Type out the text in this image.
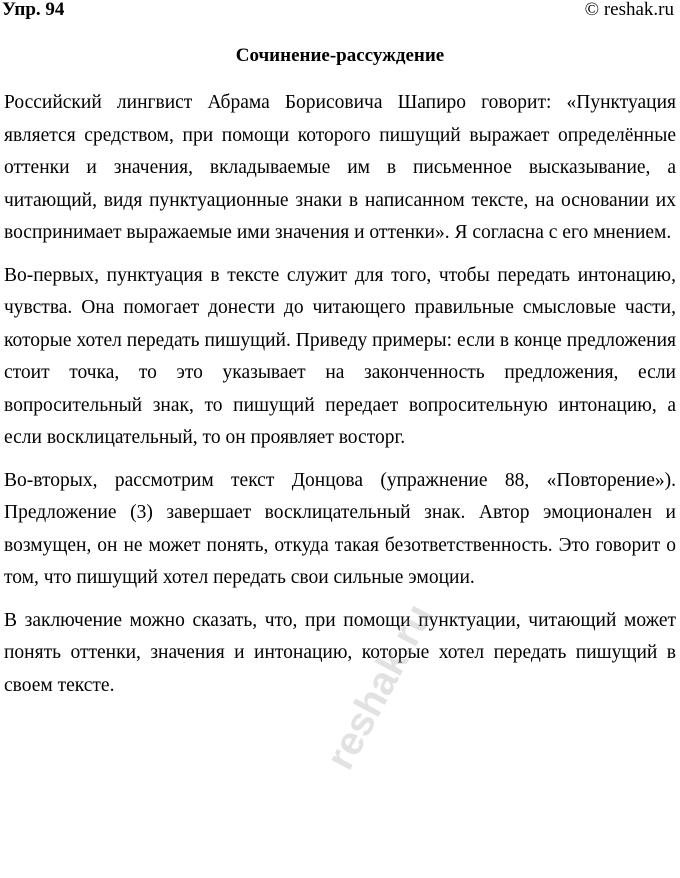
Упр. 94	© reshak.ru
Сочинение-рассуждение

Российский лингвист Абрама Борисовича Шапиро говорит: «Пунктуация является средством, при помощи которого пишущий выражает определённые оттенки и значения, вкладываемые им в письменное высказывание, а читающий, видя пунктуационные знаки в написанном тексте, на основании их воспринимает выражаемые ими значения и оттенки». Я согласна с его мнением.

Во-первых, пунктуация в тексте служит для того, чтобы передать интонацию, чувства. Она помогает донести до читающего правильные смысловые части, которые хотел передать пишущий. Приведу примеры: если в конце предложения стоит точка, то это указывает на законченность предложения, если вопросительный знак, то пишущий передает вопросительную интонацию, а если восклицательный, то он проявляет восторг.

Во-вторых, рассмотрим текст Донцова (упражнение 88, «Повторение»). Предложение (3) завершает восклицательный знак. Автор эмоционален и возмущен, он не может понять, откуда такая безответственность. Это говорит о том, что пишущий хотел передать свои сильные эмоции.

В заключение можно сказать, что, при помощи пунктуации, читающий может понять оттенки, значения и интонацию, которые хотел передать пишущий в своем тексте.	reshak.ru
